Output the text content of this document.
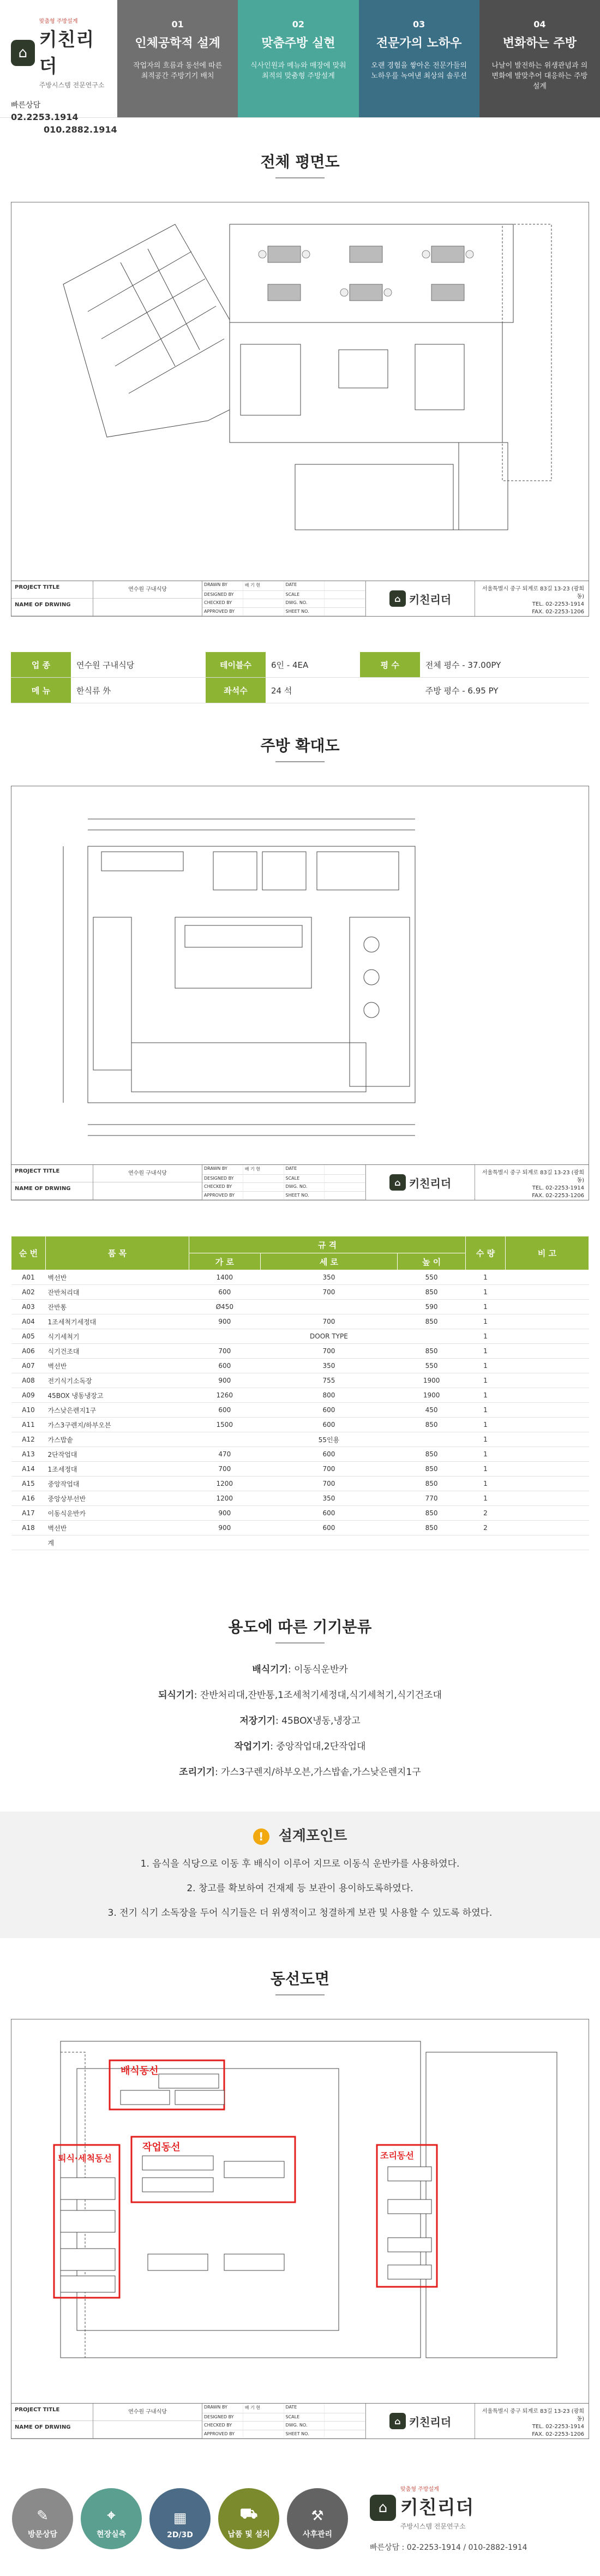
⌂
맞춤형 주방설계
키친리더
주방시스템 전문연구소
빠른상담 02.2253.1914
010.2882.1914
01
인체공학적 설계
작업자의 흐름과 동선에 따른 최적공간 주방기기 배치
02
맞춤주방 실현
식사인원과 메뉴와 매장에 맞춰 최적의 맞춤형 주방설계
03
전문가의 노하우
오랜 경험을 쌓아온 전문가들의 노하우를 녹여낸 최상의 솔루션
04
변화하는 주방
나날이 발전하는 위생관념과 의 변화에 발맞추어 대응하는 주방설계
전체 평면도
PROJECT TITLE
NAME OF DRWING
연수원 구내식당
DRAWN BY	배 기 현	DATE
DESIGNED BY	SCALE
CHECKED BY	DWG. NO.
APPROVED BY	SHEET NO.
⌂ 키친리더
서울특별시 중구 퇴계로 83길 13-23 (광희동)
TEL. 02-2253-1914
FAX. 02-2253-1206
업 종	연수원 구내식당	테이블수	6인 - 4EA	평 수	전체 평수 - 37.00PY
메 뉴	한식류 外	좌석수	24 석		주방 평수 - 6.95 PY
주방 확대도
PROJECT TITLE
NAME OF DRWING
연수원 구내식당
DRAWN BY	배 기 현	DATE
DESIGNED BY	SCALE
CHECKED BY	DWG. NO.
APPROVED BY	SHEET NO.
⌂ 키친리더
서울특별시 중구 퇴계로 83길 13-23 (광희동)
TEL. 02-2253-1914
FAX. 02-2253-1206
순 번	품 목	규 격			수 량	비 고
		가 로	세 로	높 이		
A01	벽선반	1400	350	550	1	
A02	잔반처리대	600	700	850	1	
A03	잔반통	Ø450		590	1	
A04	1조세척기세정대	900	700	850	1	
A05	식기세척기		DOOR TYPE		1	
A06	식기건조대	700	700	850	1	
A07	벽선반	600	350	550	1	
A08	전기식기소독장	900	755	1900	1	
A09	45BOX 냉동냉장고	1260	800	1900	1	
A10	가스낮은렌지1구	600	600	450	1	
A11	가스3구렌지/하부오븐	1500	600	850	1	
A12	가스밥솥		55인용		1	
A13	2단작업대	470	600	850	1	
A14	1조세정대	700	700	850	1	
A15	중앙작업대	1200	700	850	1	
A16	중앙상부선반	1200	350	770	1	
A17	이동식운반카	900	600	850	2	
A18	벽선반	900	600	850	2	
	계					
용도에 따른 기기분류
배식기기: 이동식운반카
되식기기: 잔반처리대,잔반통,1조세척기세정대,식기세척기,식기건조대
저장기기: 45BOX냉동,냉장고
작업기기: 중앙작업대,2단작업대
조리기기: 가스3구렌지/하부오븐,가스밥솥,가스낮은렌지1구
! 설계포인트
1. 음식을 식당으로 이동 후 배식이 이루어 지므로 이동식 운반카를 사용하였다.
2. 창고를 확보하여 건재제 등 보관이 용이하도록하였다.
3. 전기 식기 소독장을 두어 식기들은 더 위생적이고 청결하게 보관 및 사용할 수 있도록 하였다.
동선도면
배식동선
작업동선
퇴식·세척동선	조리동선
PROJECT TITLE
NAME OF DRWING
연수원 구내식당
DRAWN BY	배 기 현	DATE
DESIGNED BY	SCALE
CHECKED BY	DWG. NO.
APPROVED BY	SHEET NO.
⌂ 키친리더
서울특별시 중구 퇴계로 83길 13-23 (광희동)
TEL. 02-2253-1914
FAX. 02-2253-1206
✎
방문상담
⌖
현장실측
▦
2D/3D
⛟
납품 및 설치
⚒
사후관리
⌂
맞춤형 주방설계
키친리더
주방시스템 전문연구소
빠른상담 : 02-2253-1914 / 010-2882-1914
